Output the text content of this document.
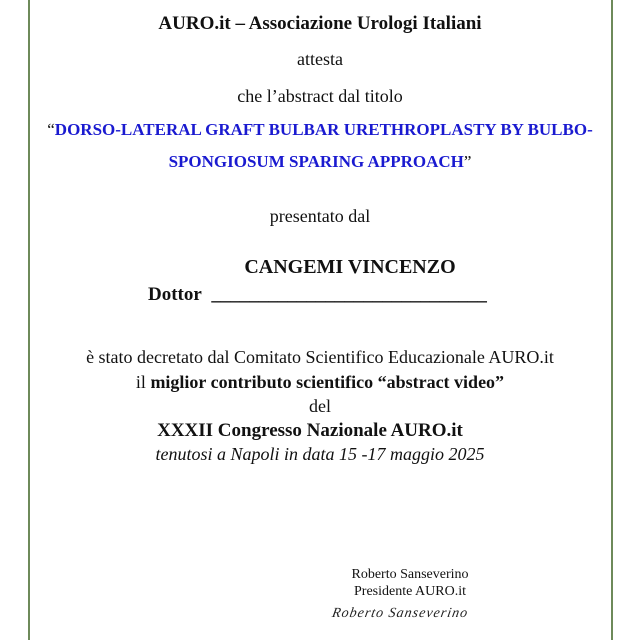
AURO.it – Associazione Urologi Italiani
attesta
che l’abstract dal titolo
“DORSO-LATERAL GRAFT BULBAR URETHROPLASTY BY BULBO-
SPONGIOSUM SPARING APPROACH”
presentato dal
CANGEMI VINCENZO
Dottor _____________________________
è stato decretato dal Comitato Scientifico Educazionale AURO.it
il miglior contributo scientifico “abstract video”
del
XXXII Congresso Nazionale AURO.it
tenutosi a Napoli in data 15 -17 maggio 2025
Roberto Sanseverino
Presidente AURO.it
Roberto Sanseverino
